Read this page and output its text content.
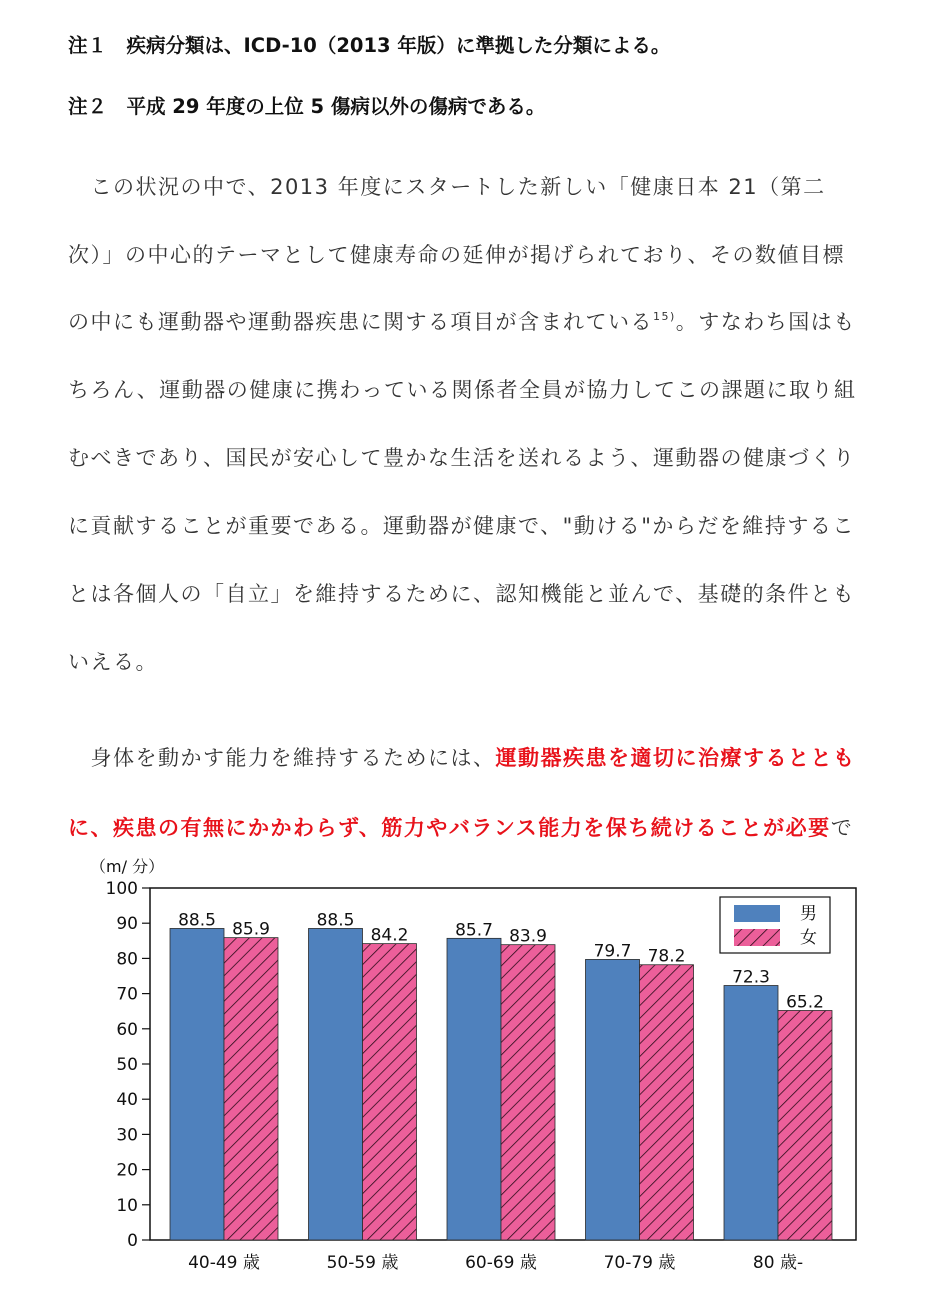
注１　疾病分類は、ICD-10（2013 年版）に準拠した分類による。
注２　平成 29 年度の上位 5 傷病以外の傷病である。
　この状況の中で、2013 年度にスタートした新しい「健康日本 21（第二
次）」の中心的テーマとして健康寿命の延伸が掲げられており、その数値目標
の中にも運動器や運動器疾患に関する項目が含まれている$^{15)}$。すなわち国はも
ちろん、運動器の健康に携わっている関係者全員が協力してこの課題に取り組
むべきであり、国民が安心して豊かな生活を送れるよう、運動器の健康づくり
に貢献することが重要である。運動器が健康で、"動ける"からだを維持するこ
とは各個人の「自立」を維持するために、認知機能と並んで、基礎的条件とも
いえる。
　身体を動かす能力を維持するためには、運動器疾患を適切に治療するととも
に、疾患の有無にかかわらず、筋力やバランス能力を保ち続けることが必要で
（m/ 分）
0
10
20
30
40
50
60
70
80
90
100
88.5 85.9	88.5
84.2	85.7 83.9
79.7 78.2
72.3
65.2
40-49 歳	50-59 歳	60-69 歳	70-79 歳	80 歳-
男
女
